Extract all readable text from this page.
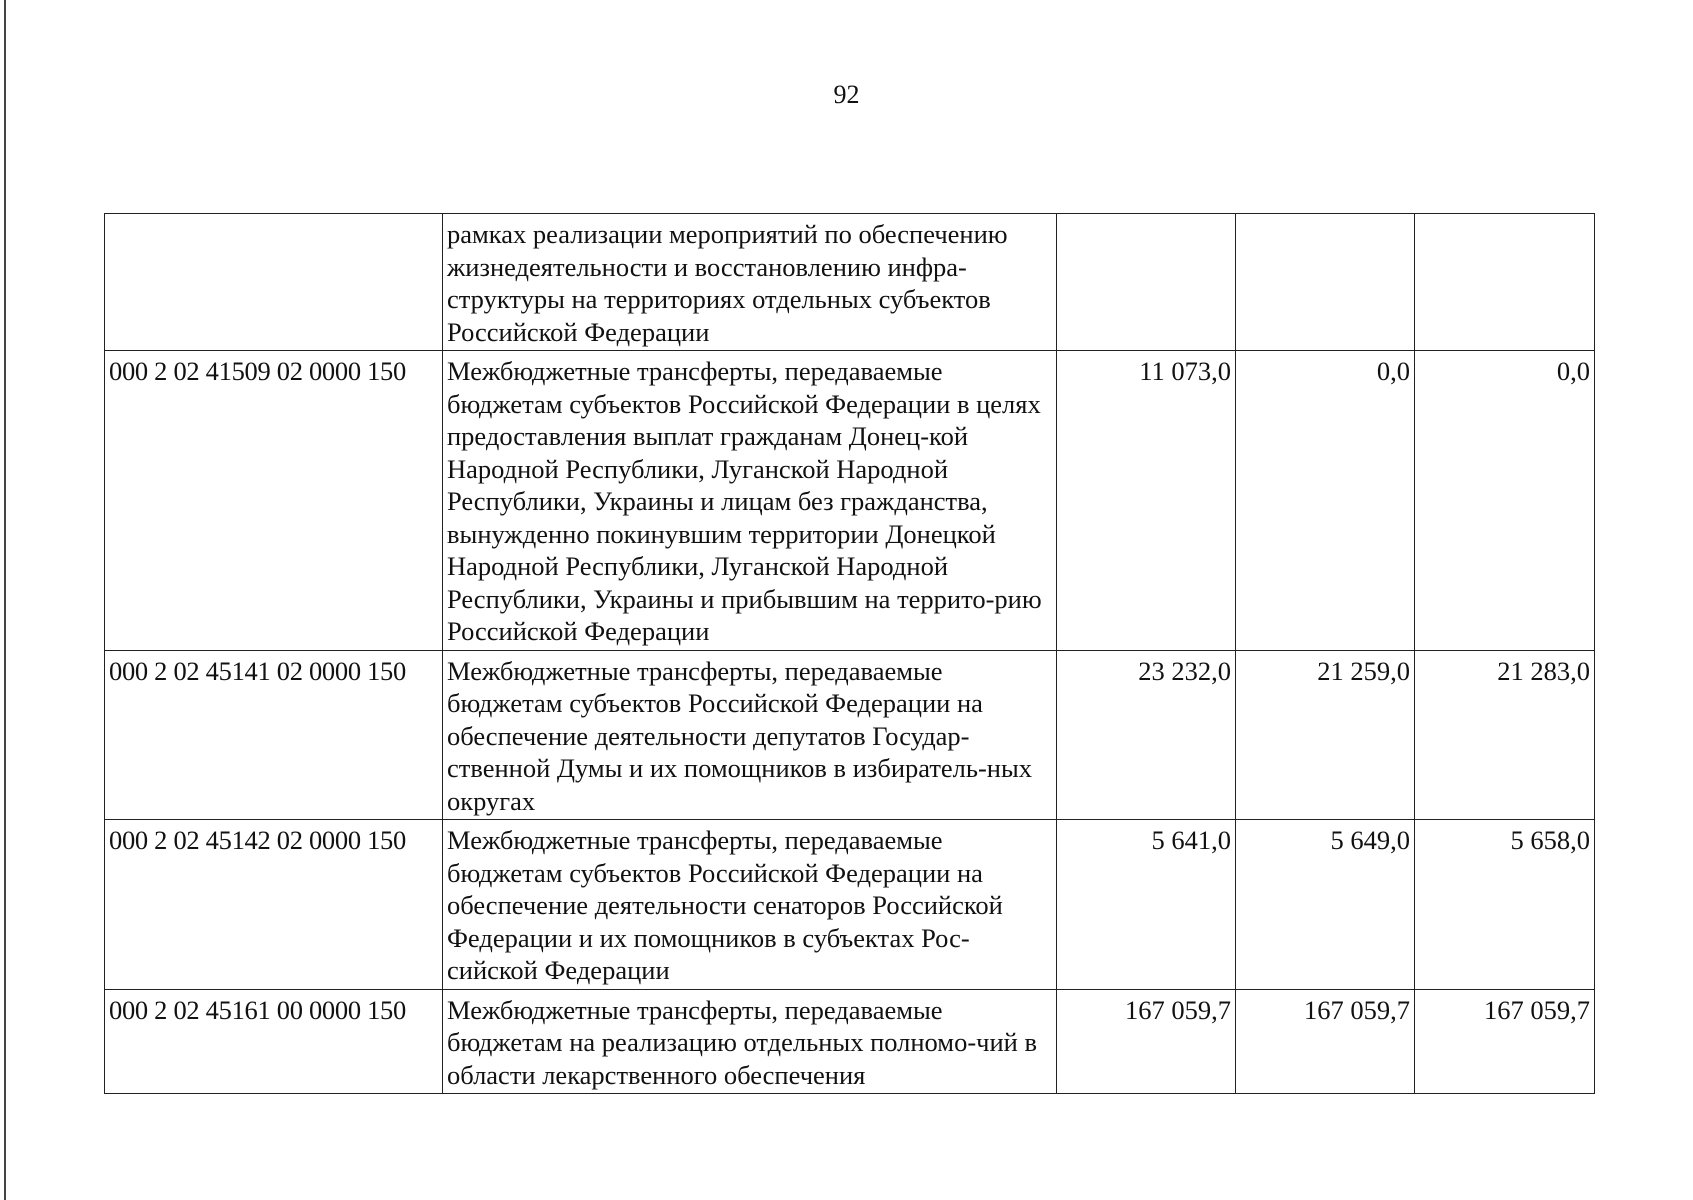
92
	рамках реализации мероприятий по обеспечению жизнедеятельности и восстановлению инфра-структуры на территориях отдельных субъектов Российской Федерации			
000 2 02 41509 02 0000 150	Межбюджетные трансферты, передаваемые бюджетам субъектов Российской Федерации в целях предоставления выплат гражданам Донец-кой Народной Республики, Луганской Народной Республики, Украины и лицам без гражданства, вынужденно покинувшим территории Донецкой Народной Республики, Луганской Народной Республики, Украины и прибывшим на террито-рию Российской Федерации	11 073,0	0,0	0,0
000 2 02 45141 02 0000 150	Межбюджетные трансферты, передаваемые бюджетам субъектов Российской Федерации на обеспечение деятельности депутатов Государ-ственной Думы и их помощников в избиратель-ных округах	23 232,0	21 259,0	21 283,0
000 2 02 45142 02 0000 150	Межбюджетные трансферты, передаваемые бюджетам субъектов Российской Федерации на обеспечение деятельности сенаторов Российской Федерации и их помощников в субъектах Рос-сийской Федерации	5 641,0	5 649,0	5 658,0
000 2 02 45161 00 0000 150	Межбюджетные трансферты, передаваемые бюджетам на реализацию отдельных полномо-чий в области лекарственного обеспечения	167 059,7	167 059,7	167 059,7
